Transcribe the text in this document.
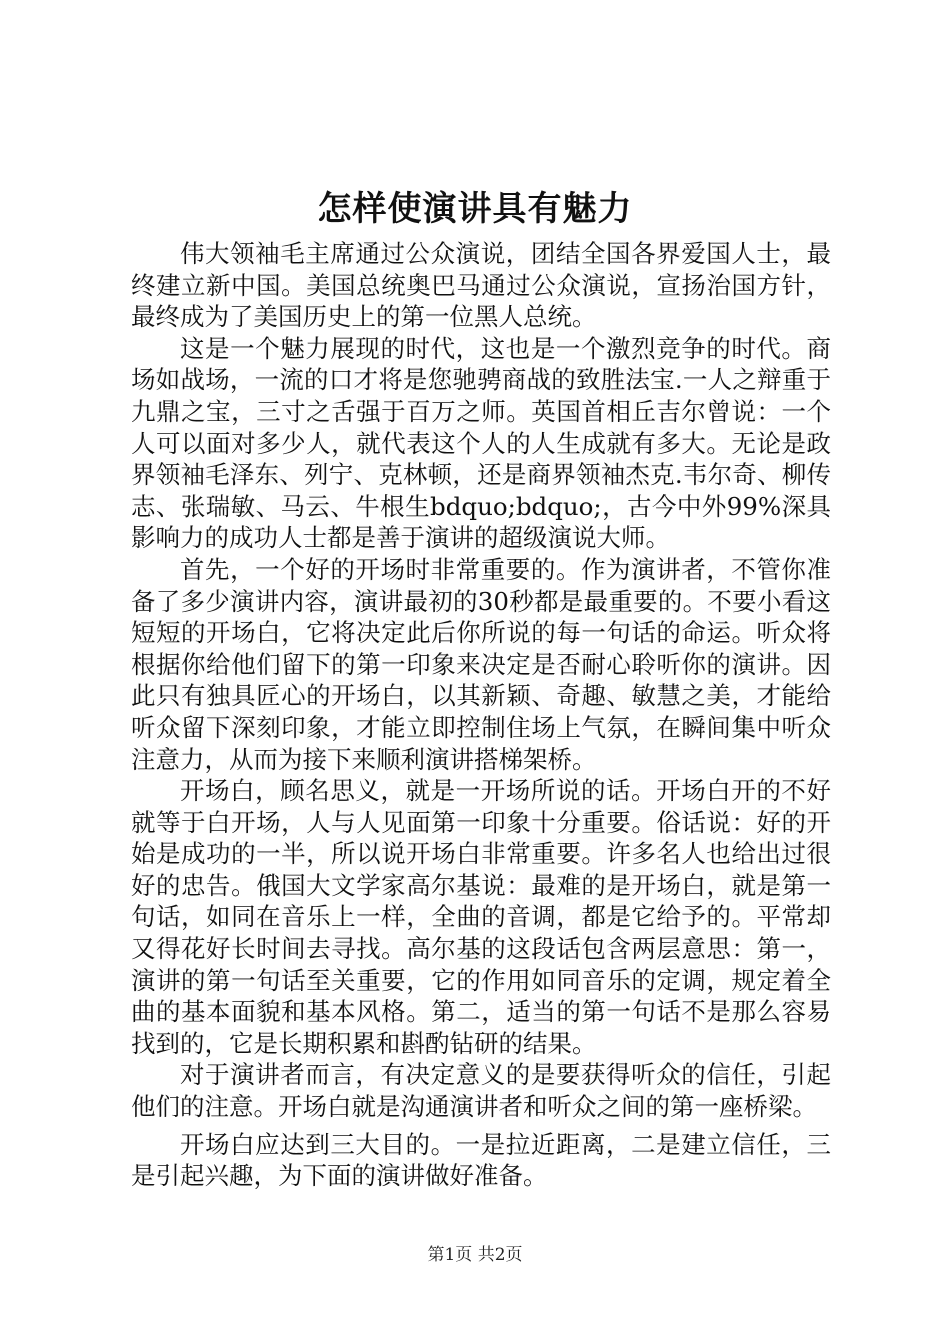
怎样使演讲具有魅力

伟大领袖毛主席通过公众演说，团结全国各界爱国人士，最终建立新中国。美国总统奥巴马通过公众演说，宣扬治国方针，最终成为了美国历史上的第一位黑人总统。

这是一个魅力展现的时代，这也是一个激烈竞争的时代。商场如战场，一流的口才将是您驰骋商战的致胜法宝.一人之辩重于九鼎之宝，三寸之舌强于百万之师。英国首相丘吉尔曾说：一个人可以面对多少人，就代表这个人的人生成就有多大。无论是政界领袖毛泽东、列宁、克林顿，还是商界领袖杰克.韦尔奇、柳传志、张瑞敏、马云、牛根生bdquo;bdquo;，古今中外99%深具影响力的成功人士都是善于演讲的超级演说大师。

首先，一个好的开场时非常重要的。作为演讲者，不管你准备了多少演讲内容，演讲最初的30秒都是最重要的。不要小看这短短的开场白，它将决定此后你所说的每一句话的命运。听众将根据你给他们留下的第一印象来决定是否耐心聆听你的演讲。因此只有独具匠心的开场白，以其新颖、奇趣、敏慧之美，才能给听众留下深刻印象，才能立即控制住场上气氛，在瞬间集中听众注意力，从而为接下来顺利演讲搭梯架桥。

开场白，顾名思义，就是一开场所说的话。开场白开的不好就等于白开场，人与人见面第一印象十分重要。俗话说：好的开始是成功的一半，所以说开场白非常重要。许多名人也给出过很好的忠告。俄国大文学家高尔基说：最难的是开场白，就是第一句话，如同在音乐上一样，全曲的音调，都是它给予的。平常却又得花好长时间去寻找。高尔基的这段话包含两层意思：第一，演讲的第一句话至关重要，它的作用如同音乐的定调，规定着全曲的基本面貌和基本风格。第二，适当的第一句话不是那么容易找到的，它是长期积累和斟酌钻研的结果。

对于演讲者而言，有决定意义的是要获得听众的信任，引起他们的注意。开场白就是沟通演讲者和听众之间的第一座桥梁。

开场白应达到三大目的。一是拉近距离，二是建立信任，三是引起兴趣，为下面的演讲做好准备。

第1页 共2页
